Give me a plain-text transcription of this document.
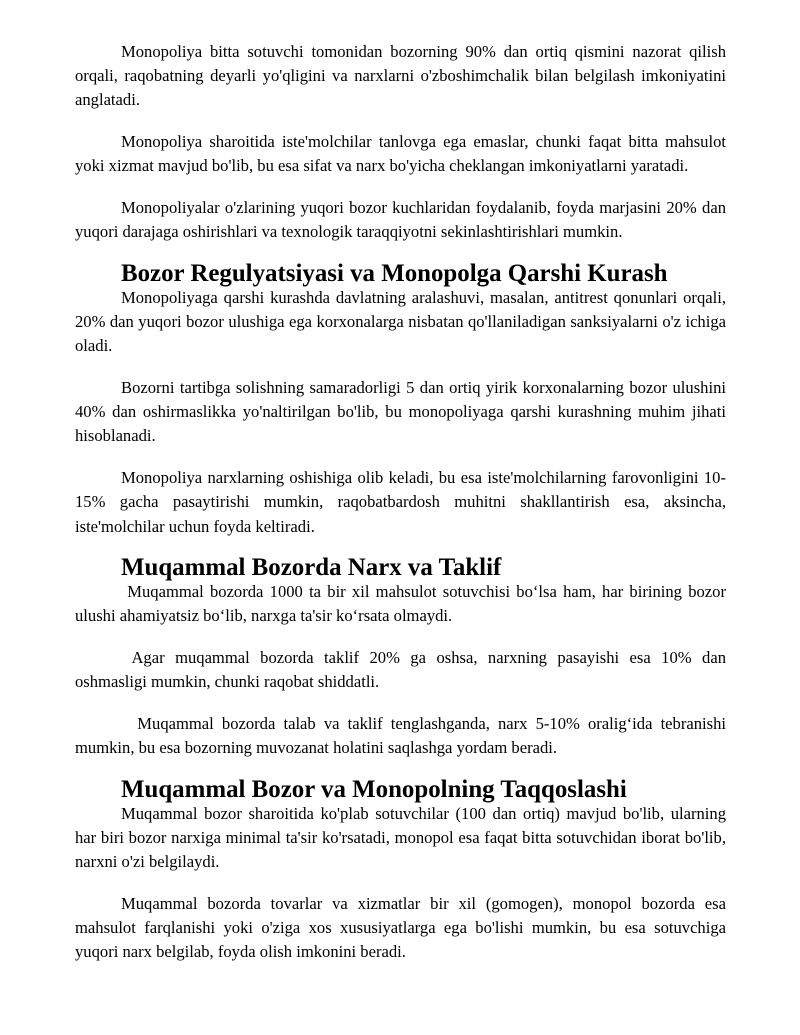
Monopoliya bitta sotuvchi tomonidan bozorning 90% dan ortiq qismini nazorat qilish orqali, raqobatning deyarli yo'qligini va narxlarni o'zboshimchalik bilan belgilash imkoniyatini anglatadi.

Monopoliya sharoitida iste'molchilar tanlovga ega emaslar, chunki faqat bitta mahsulot yoki xizmat mavjud bo'lib, bu esa sifat va narx bo'yicha cheklangan imkoniyatlarni yaratadi.

Monopoliyalar o'zlarining yuqori bozor kuchlaridan foydalanib, foyda marjasini 20% dan yuqori darajaga oshirishlari va texnologik taraqqiyotni sekinlashtirishlari mumkin.

Bozor Regulyatsiyasi va Monopolga Qarshi Kurash

Monopoliyaga qarshi kurashda davlatning aralashuvi, masalan, antitrest qonunlari orqali, 20% dan yuqori bozor ulushiga ega korxonalarga nisbatan qo'llaniladigan sanksiyalarni o'z ichiga oladi.

Bozorni tartibga solishning samaradorligi 5 dan ortiq yirik korxonalarning bozor ulushini 40% dan oshirmaslikka yo'naltirilgan bo'lib, bu monopoliyaga qarshi kurashning muhim jihati hisoblanadi.

Monopoliya narxlarning oshishiga olib keladi, bu esa iste'molchilarning farovonligini 10-15% gacha pasaytirishi mumkin, raqobatbardosh muhitni shakllantirish esa, aksincha, iste'molchilar uchun foyda keltiradi.

Muqammal Bozorda Narx va Taklif

Muqammal bozorda 1000 ta bir xil mahsulot sotuvchisi bo‘lsa ham, har birining bozor ulushi ahamiyatsiz bo‘lib, narxga ta'sir ko‘rsata olmaydi.

Agar muqammal bozorda taklif 20% ga oshsa, narxning pasayishi esa 10% dan oshmasligi mumkin, chunki raqobat shiddatli.

Muqammal bozorda talab va taklif tenglashganda, narx 5-10% oralig‘ida tebranishi mumkin, bu esa bozorning muvozanat holatini saqlashga yordam beradi.

Muqammal Bozor va Monopolning Taqqoslashi

Muqammal bozor sharoitida ko'plab sotuvchilar (100 dan ortiq) mavjud bo'lib, ularning har biri bozor narxiga minimal ta'sir ko'rsatadi, monopol esa faqat bitta sotuvchidan iborat bo'lib, narxni o'zi belgilaydi.

Muqammal bozorda tovarlar va xizmatlar bir xil (gomogen), monopol bozorda esa mahsulot farqlanishi yoki o'ziga xos xususiyatlarga ega bo'lishi mumkin, bu esa sotuvchiga yuqori narx belgilab, foyda olish imkonini beradi.
